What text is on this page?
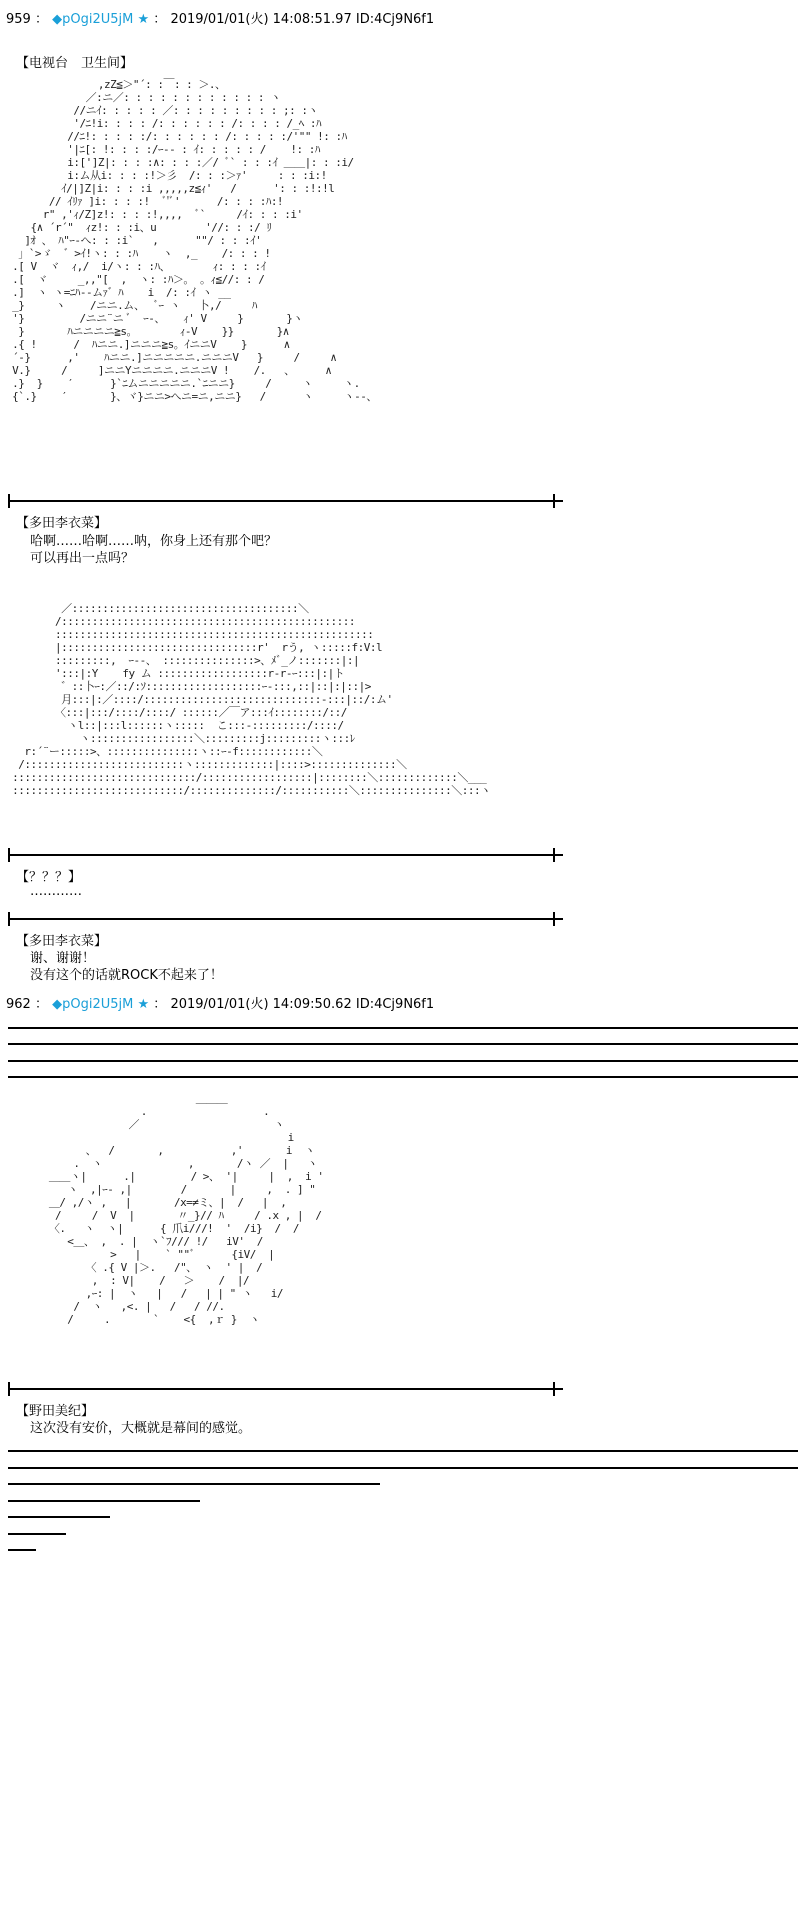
959 ： ◆pOgi2U5jM ★ ： 2019/01/01(火) 14:08:51.97 ID:4Cj9N6f1
【电视台　卫生间】
,zZ≦＞"´: :￣: : ＞.、
／:ニ／: : : : : : : : : : : : ヽ
//ニｲ: : : : : ／: : : : : : : : : ;: :ヽ
'/ﾆ!i: : : : /: : : : : : /: : : : /_ﾍ :ﾊ
//ﾆ!: : : : :/: : : : : : /: : : : :/'"" !: :ﾊ
'|ﾆ[: !: : : :/ｰ-- : ｲ: : : : : /    !: :ﾊ
i:[']Z|: : : :∧: : : :／/ ﾞ` : : :ｲ ＿＿|: : :i/
i:ム从i: : : :!＞彡  /: : :＞ｧ'     : : :i:!
ｲ/|]Z|i: : : :i ,,,,,z≦ｨ'   /      ': : :!:!l
// ｲﾘｧ ]i: : : :!  ﾞ'ﾞ'      /: : : :ﾊ:!
r" ,'ｨ/Z]z!: : : :!,,,,  ﾞ`     /ｲ: : : :i'
{∧ ´r´"  ｨz!: : :i、u        '//: : :/ ﾘ
]ｵ 、 ﾊ"ｰ-へ: : :i`   ,      ""/ : : :ｲ'
」`>ゞ  ゛>ｲ!ヽ: : :ﾊ    ヽ  ,_    /: : : !
.[ V  ヾ  ｨ,/  i/ヽ: : :ﾊ、       ｨ: : : :ｲ
.[  ヾ     _,,"[  ,  ヽ: :ﾊ＞。 。ｨ≦//: : /
.]  ヽ ヽ=ﾆﾊ--ムｧ゛ﾊ    i  /: :ｲ ヽ __
_}     ヽ    /ニニ.ム、  ﾞｰ ヽ   卜,/     ﾊ
'}         /ニニ¨ニ ﾞ  ｰ-、   ｨ' V     }       }ヽ
}       ﾊニニニニ≧s。       ｨ-V    }}       }∧
.{ !      /  ﾊニニ.]ニニニ≧s。ｲニニV    }      ∧
´-}      ,'    ﾊニニ.]ニニニニニ.ニニニV   }     /     ∧
V.}     /     ]ニニYニニニニ.ニニニV !    /.   、     ∧
.}  }    ′      }`ﾆムニニニニニ.`ﾆニニ}     /     ヽ     ヽ.
{`.}    ′       }、ヾ}ニニ>へニ=ニ,ニニ}   /      ヽ     ヽ--、
【多田李衣菜】
哈啊……哈啊……呐，你身上还有那个吧？
可以再出一点吗？
／:::::::::::::::::::::::::::::::::::::＼
/::::::::::::::::::::::::::::::::::::::::::::::::
::::::::::::::::::::::::::::::::::::::::::::::::::::
|::::::::::::::::::::::::::::::::r'  rう, ヽ:::::f:V:l
:::::::::,  ｰ--、 :::::::::::::::>、ﾒﾞ_ノ:::::::|:|
':::|:Y    fy ム ::::::::::::::::::r-r-ｰ:::|:|ト
゛::卜ｰ:／::/:ｿ:::::::::::::::::::ｰ-:::,::|::|:|::|>
月:::|:／::::/:::::::::::::::::::::::::::::-:::|::/:ム'
〈:::|:::/::::/::::/ ::::::／￣ア:::ｲ::::::::/::/
ヽl::|:::l::::::ヽ:::::  こ:::-:::::::::/::::/
ヽ:::::::::::::::::＼:::::::::j:::::::::ヽ:::ﾚ
r:´¨ー:::::>、:::::::::::::::ヽ::ｰ-f::::::::::::＼
/::::::::::::::::::::::::::ヽ:::::::::::::|::::>::::::::::::::＼
::::::::::::::::::::::::::::::/::::::::::::::::::|::::::::＼:::::::::::::＼___
::::::::::::::::::::::::::::/::::::::::::::/:::::::::::＼:::::::::::::::＼:::ヽ
【？？？】
…………
【多田李衣菜】
谢、谢谢！
没有这个的话就ROCK不起来了！
962 ： ◆pOgi2U5jM ★ ： 2019/01/01(火) 14:09:50.62 ID:4Cj9N6f1
＿＿＿
.                   .
／                      ヽ
i
、  /       ,           ,'       i  ヽ
.  ヽ              ,       /ヽ ／  |   ヽ
＿＿ヽ|      .|         / >、 '|     |  ,  i '
ヽ  ,|ｰ- ,|        /       |     ,  . ] "
＿/ ,/ヽ ,   |       /x=≠ミ、|  /   |  ,
/     /  V  |       〃_}// ﾊ     / .x , |  /
〈.   ヽ  ヽ|      { 爪i///!  '  /i}  /  /
<＿、 ,  . |  ヽ`ﾌ/// !/   iV'  /
>   |    ` ""ﾞ      {iV/  |
〈 .{ V |＞.   /"、 ヽ  ' |  /
,  : V|    /   ＞    /  |/
,ｰ: |  ヽ   |   /   | | " ヽ   i/
/  ヽ   ,<. |   /   / //.
/     .       `    <{  ,ｒ }  ヽ
【野田美纪】
这次没有安价，大概就是幕间的感觉。
